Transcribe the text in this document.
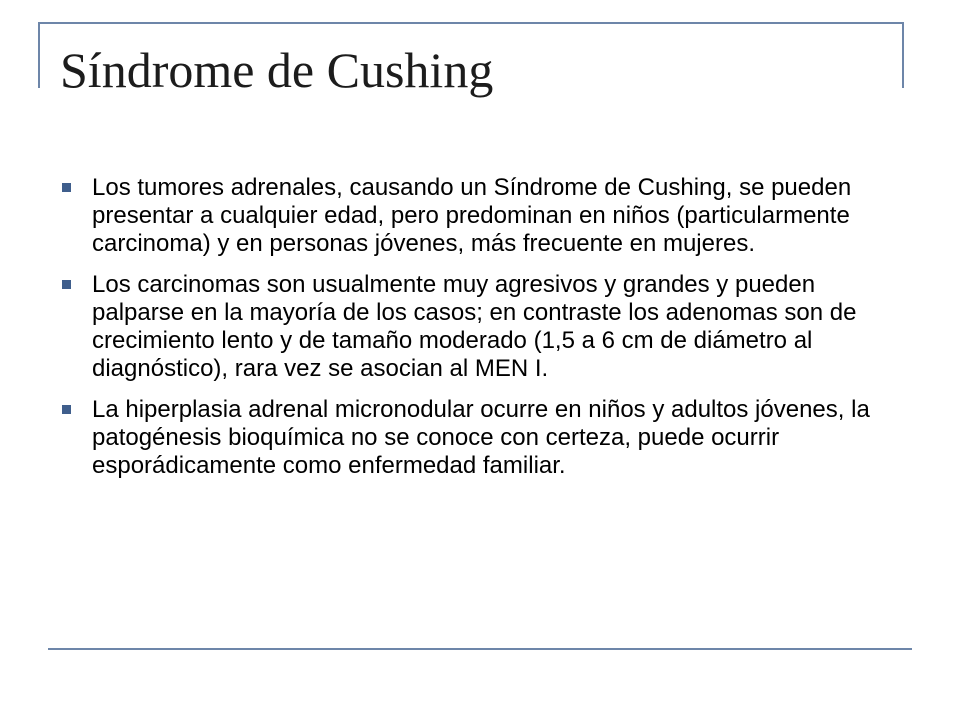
Síndrome de Cushing
Los tumores adrenales, causando un Síndrome de Cushing, se pueden presentar a cualquier edad, pero predominan en niños (particularmente carcinoma) y en personas jóvenes, más frecuente en mujeres.
Los carcinomas son usualmente muy agresivos y grandes y pueden palparse en la mayoría de los casos; en contraste los adenomas son de crecimiento lento y de tamaño moderado (1,5 a 6 cm de diámetro al diagnóstico), rara vez se asocian al MEN I.
La hiperplasia adrenal micronodular ocurre en niños y adultos jóvenes, la patogénesis bioquímica no se conoce con certeza, puede ocurrir esporádicamente como enfermedad familiar.
